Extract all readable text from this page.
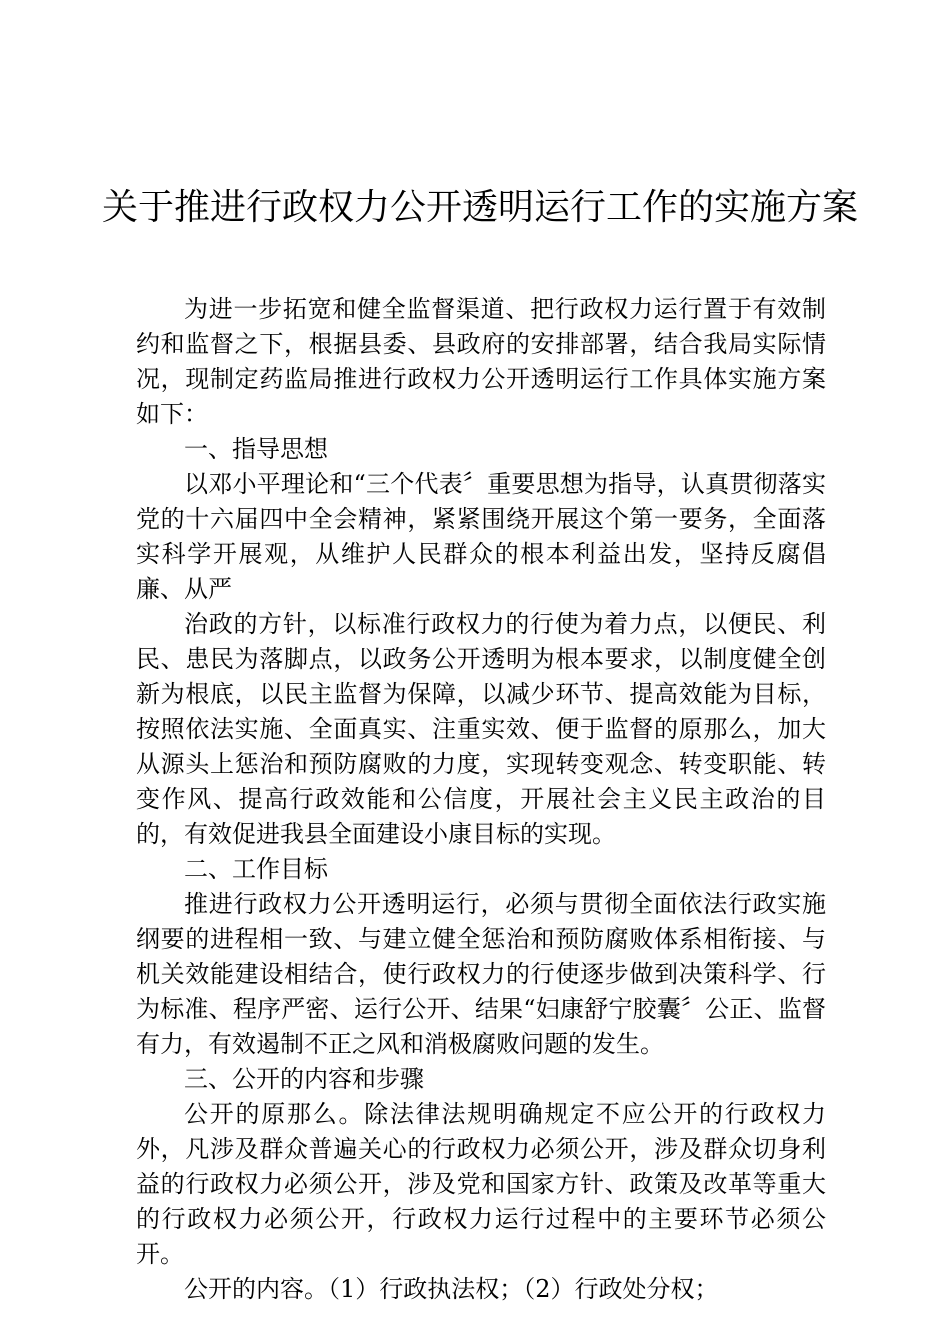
关于推进行政权力公开透明运行工作的实施方案

为进一步拓宽和健全监督渠道、把行政权力运行置于有效制约和监督之下，根据县委、县政府的安排部署，结合我局实际情况，现制定药监局推进行政权力公开透明运行工作具体实施方案如下：

一、指导思想

以邓小平理论和“三个代表〞重要思想为指导，认真贯彻落实党的十六届四中全会精神，紧紧围绕开展这个第一要务，全面落实科学开展观，从维护人民群众的根本利益出发，坚持反腐倡廉、从严

治政的方针，以标准行政权力的行使为着力点，以便民、利民、患民为落脚点，以政务公开透明为根本要求，以制度健全创新为根底，以民主监督为保障，以减少环节、提高效能为目标，按照依法实施、全面真实、注重实效、便于监督的原那么，加大从源头上惩治和预防腐败的力度，实现转变观念、转变职能、转变作风、提高行政效能和公信度，开展社会主义民主政治的目的，有效促进我县全面建设小康目标的实现。

二、工作目标

推进行政权力公开透明运行，必须与贯彻全面依法行政实施纲要的进程相一致、与建立健全惩治和预防腐败体系相衔接、与机关效能建设相结合，使行政权力的行使逐步做到决策科学、行为标准、程序严密、运行公开、结果“妇康舒宁胶囊〞公正、监督有力，有效遏制不正之风和消极腐败问题的发生。

三、公开的内容和步骤

公开的原那么。除法律法规明确规定不应公开的行政权力外，凡涉及群众普遍关心的行政权力必须公开，涉及群众切身利益的行政权力必须公开，涉及党和国家方针、政策及改革等重大的行政权力必须公开，行政权力运行过程中的主要环节必须公开。

公开的内容。（1）行政执法权；（2）行政处分权；
